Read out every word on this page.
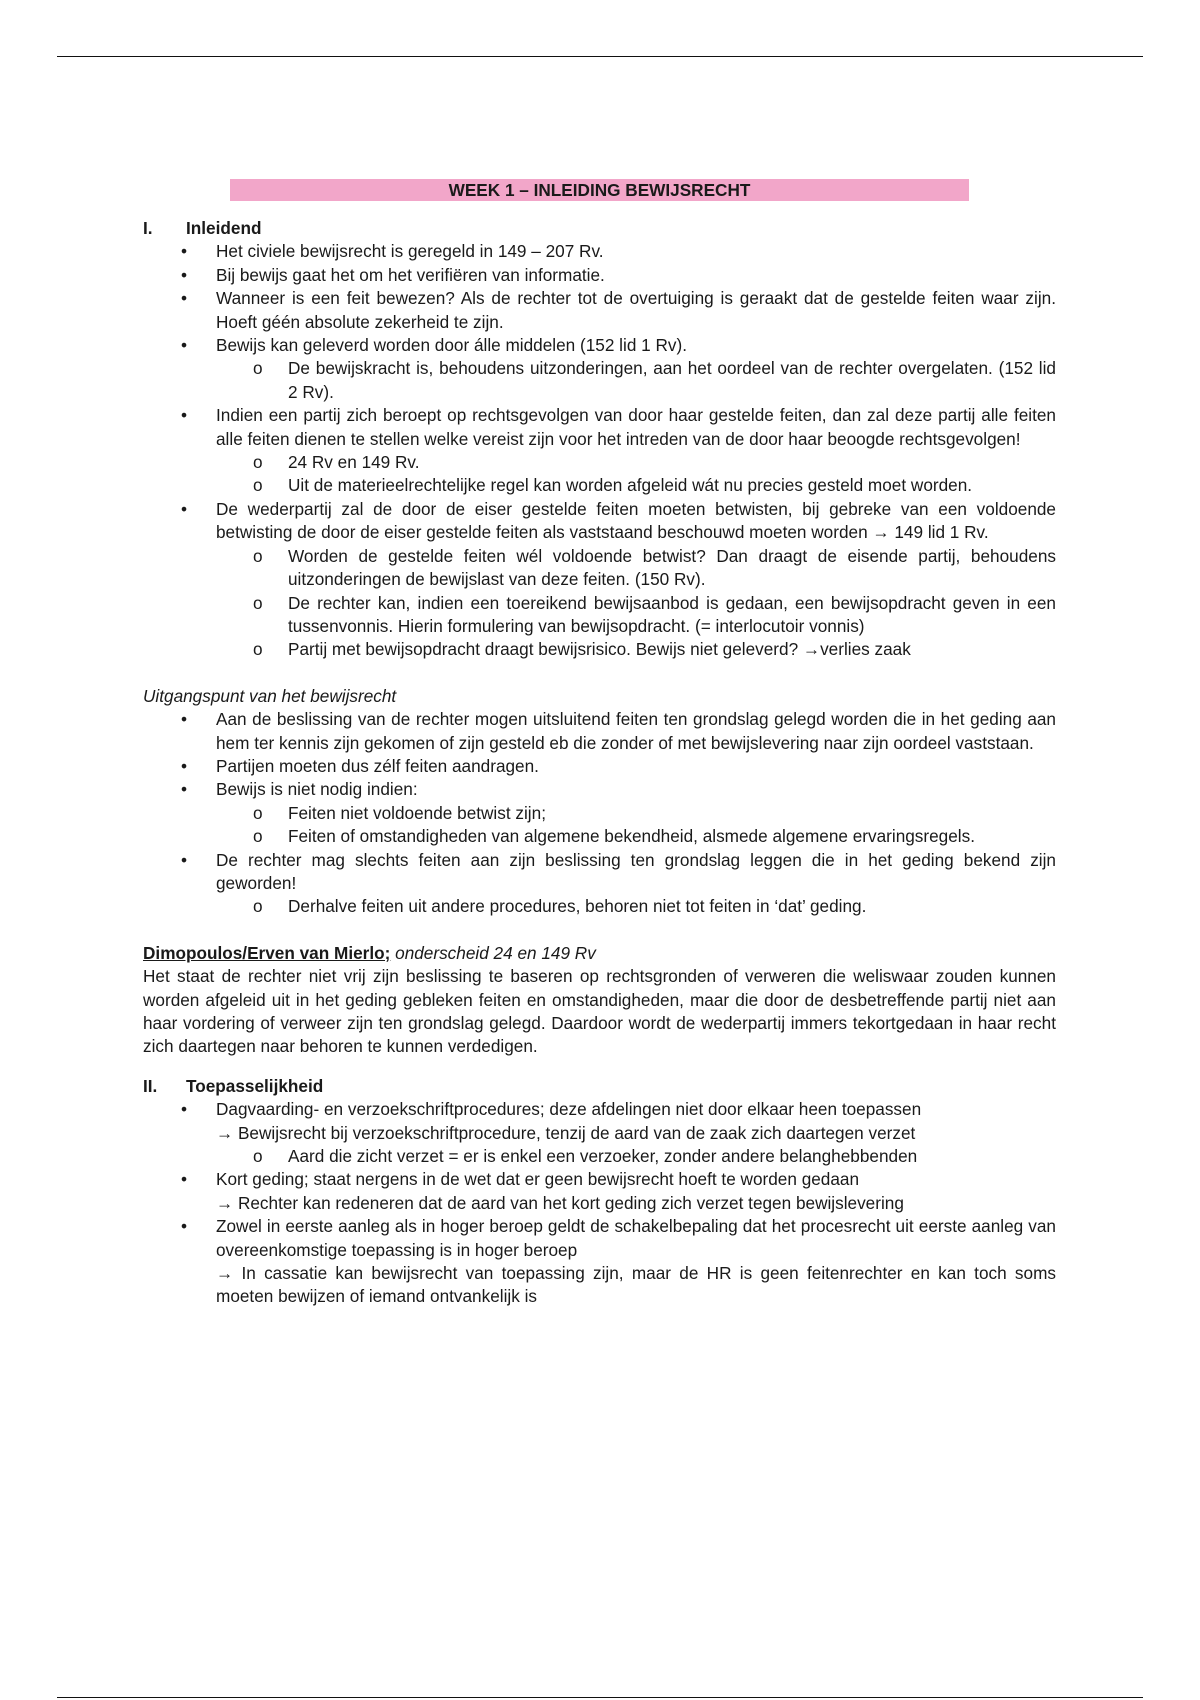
WEEK 1 – INLEIDING BEWIJSRECHT
I.	Inleidend
• Het civiele bewijsrecht is geregeld in 149 – 207 Rv.
• Bij bewijs gaat het om het verifiëren van informatie.
• Wanneer is een feit bewezen? Als de rechter tot de overtuiging is geraakt dat de gestelde feiten waar zijn. Hoeft géén absolute zekerheid te zijn.
• Bewijs kan geleverd worden door álle middelen (152 lid 1 Rv).
o De bewijskracht is, behoudens uitzonderingen, aan het oordeel van de rechter overgelaten. (152 lid 2 Rv).
• Indien een partij zich beroept op rechtsgevolgen van door haar gestelde feiten, dan zal deze partij alle feiten alle feiten dienen te stellen welke vereist zijn voor het intreden van de door haar beoogde rechtsgevolgen!
o 24 Rv en 149 Rv.
o Uit de materieelrechtelijke regel kan worden afgeleid wát nu precies gesteld moet worden.
• De wederpartij zal de door de eiser gestelde feiten moeten betwisten, bij gebreke van een voldoende betwisting de door de eiser gestelde feiten als vaststaand beschouwd moeten worden → 149 lid 1 Rv.
o Worden de gestelde feiten wél voldoende betwist? Dan draagt de eisende partij, behoudens uitzonderingen de bewijslast van deze feiten. (150 Rv).
o De rechter kan, indien een toereikend bewijsaanbod is gedaan, een bewijsopdracht geven in een tussenvonnis. Hierin formulering van bewijsopdracht. (= interlocutoir vonnis)
o Partij met bewijsopdracht draagt bewijsrisico. Bewijs niet geleverd? →verlies zaak
Uitgangspunt van het bewijsrecht
• Aan de beslissing van de rechter mogen uitsluitend feiten ten grondslag gelegd worden die in het geding aan hem ter kennis zijn gekomen of zijn gesteld eb die zonder of met bewijslevering naar zijn oordeel vaststaan.
• Partijen moeten dus zélf feiten aandragen.
• Bewijs is niet nodig indien:
o Feiten niet voldoende betwist zijn;
o Feiten of omstandigheden van algemene bekendheid, alsmede algemene ervaringsregels.
• De rechter mag slechts feiten aan zijn beslissing ten grondslag leggen die in het geding bekend zijn geworden!
o Derhalve feiten uit andere procedures, behoren niet tot feiten in ‘dat’ geding.
Dimopoulos/Erven van Mierlo; onderscheid 24 en 149 Rv
Het staat de rechter niet vrij zijn beslissing te baseren op rechtsgronden of verweren die weliswaar zouden kunnen worden afgeleid uit in het geding gebleken feiten en omstandigheden, maar die door de desbetreffende partij niet aan haar vordering of verweer zijn ten grondslag gelegd. Daardoor wordt de wederpartij immers tekortgedaan in haar recht zich daartegen naar behoren te kunnen verdedigen.
II.	Toepasselijkheid
• Dagvaarding- en verzoekschriftprocedures; deze afdelingen niet door elkaar heen toepassen
→ Bewijsrecht bij verzoekschriftprocedure, tenzij de aard van de zaak zich daartegen verzet
o Aard die zicht verzet = er is enkel een verzoeker, zonder andere belanghebbenden
• Kort geding; staat nergens in de wet dat er geen bewijsrecht hoeft te worden gedaan
→ Rechter kan redeneren dat de aard van het kort geding zich verzet tegen bewijslevering
• Zowel in eerste aanleg als in hoger beroep geldt de schakelbepaling dat het procesrecht uit eerste aanleg van overeenkomstige toepassing is in hoger beroep
→ In cassatie kan bewijsrecht van toepassing zijn, maar de HR is geen feitenrechter en kan toch soms moeten bewijzen of iemand ontvankelijk is
